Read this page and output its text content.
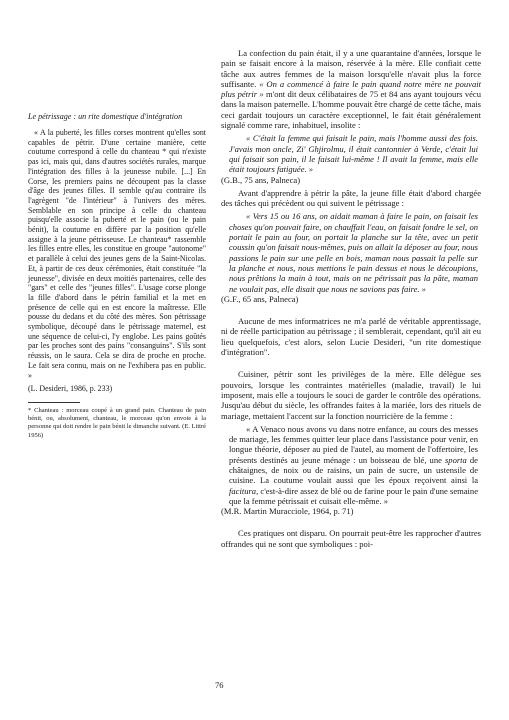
Le pétrissage : un rite domestique d'intégration

« A la puberté, les filles corses montrent qu'elles sont capables de pétrir. D'une certaine manière, cette coutume correspond à celle du chanteau * qui n'existe pas ici, mais qui, dans d'autres sociétés rurales, marque l'intégration des filles à la jeunesse nubile. [...] En Corse, les premiers pains ne découpent pas la classe d'âge des jeunes filles. Il semble qu'au contraire ils l'agrègent "de l'intérieur" à l'univers des mères. Semblable en son principe à celle du chanteau puisqu'elle associe la puberté et le pain (ou le pain bénit), la coutume en diffère par la position qu'elle assigne à la jeune pétrisseuse. Le chanteau* rassemble les filles entre elles, les constitue en groupe "autonome" et parallèle à celui des jeunes gens de la Saint-Nicolas. Et, à partir de ces deux cérémonies, était constituée "la jeunesse", divisée en deux moitiés partenaires, celle des "gars" et celle des "jeunes filles". L'usage corse plonge la fille d'abord dans le pétrin familial et la met en présence de celle qui en est encore la maîtresse. Elle pousse du dedans et du côté des mères. Son pétrissage symbolique, découpé dans le pétrissage maternel, est une séquence de celui-ci, l'y englobe. Les pains goûtés par les proches sont des pains "consanguins". S'ils sont réussis, on le saura. Cela se dira de proche en proche. Le fait sera connu, mais on ne l'exhibera pas en public. »

(L. Desideri, 1986, p. 233)

* Chanteau : morceau coupé à un grand pain. Chanteau de pain bénit, ou, absolument, chanteau, le morceau qu'on envoie à la personne qui doit rendre le pain bénit le dimanche suivant. (E. Littré 1956)

La confection du pain était, il y a une quarantaine d'années, lorsque le pain se faisait encore à la maison, réservée à la mère. Elle confiait cette tâche aux autres femmes de la maison lorsqu'elle n'avait plus la force suffisante. « On a commencé à faire le pain quand notre mère ne pouvait plus pétrir » m'ont dit deux célibataires de 75 et 84 ans ayant toujours vécu dans la maison paternelle. L'homme pouvait être chargé de cette tâche, mais ceci gardait toujours un caractère exceptionnel, le fait était généralement signalé comme rare, inhabituel, insolite :

« C'était la femme qui faisait le pain, mais l'homme aussi des fois. J'avais mon oncle, Zi' Ghjirolmu, il était cantonnier à Verde, c'était lui qui faisait son pain, il le faisait lui-même ! Il avait la femme, mais elle était toujours fatiguée. »

(G.B., 75 ans, Palneca)

Avant d'apprendre à pétrir la pâte, la jeune fille était d'abord chargée des tâches qui précèdent ou qui suivent le pétrissage :

« Vers 15 ou 16 ans, on aidait maman à faire le pain, on faisait les choses qu'on pouvait faire, on chauffait l'eau, on faisait fondre le sel, on portait le pain au four, on portait la planche sur la tête, avec un petit coussin qu'on faisait nous-mêmes, puis on allait la déposer au four, nous passions le pain sur une pelle en bois, maman nous passait la pelle sur la planche et nous, nous mettions le pain dessus et nous le découpions, nous prêtions la main à tout, mais on ne pétrissait pas la pâte, maman ne voulait pas, elle disait que nous ne savions pas faire. »

(G.F., 65 ans, Palneca)

Aucune de mes informatrices ne m'a parlé de véritable apprentissage, ni de réelle participation au pétrissage ; il semblerait, cependant, qu'il ait eu lieu quelquefois, c'est alors, selon Lucie Desideri, "un rite domestique d'intégration".

Cuisiner, pétrir sont les privilèges de la mère. Elle délègue ses pouvoirs, lorsque les contraintes matérielles (maladie, travail) le lui imposent, mais elle a toujours le souci de garder le contrôle des opérations. Jusqu'au début du siècle, les offrandes faites à la mariée, lors des rituels de mariage, mettaient l'accent sur la fonction nourricière de la femme :

« A Venaco nous avons vu dans notre enfance, au cours des messes de mariage, les femmes quitter leur place dans l'assistance pour venir, en longue théorie, déposer au pied de l'autel, au moment de l'offertoire, les présents destinés au jeune ménage : un boisseau de blé, une sporta de châtaignes, de noix ou de raisins, un pain de sucre, un ustensile de cuisine. La coutume voulait aussi que les époux reçoivent ainsi la facitura, c'est-à-dire assez de blé ou de farine pour le pain d'une semaine que la femme pétrissait et cuisait elle-même. »

(M.R. Martin Muracciole, 1964, p. 71)

Ces pratiques ont disparu. On pourrait peut-être les rapprocher d'autres offrandes qui ne sont que symboliques : poi-

76
